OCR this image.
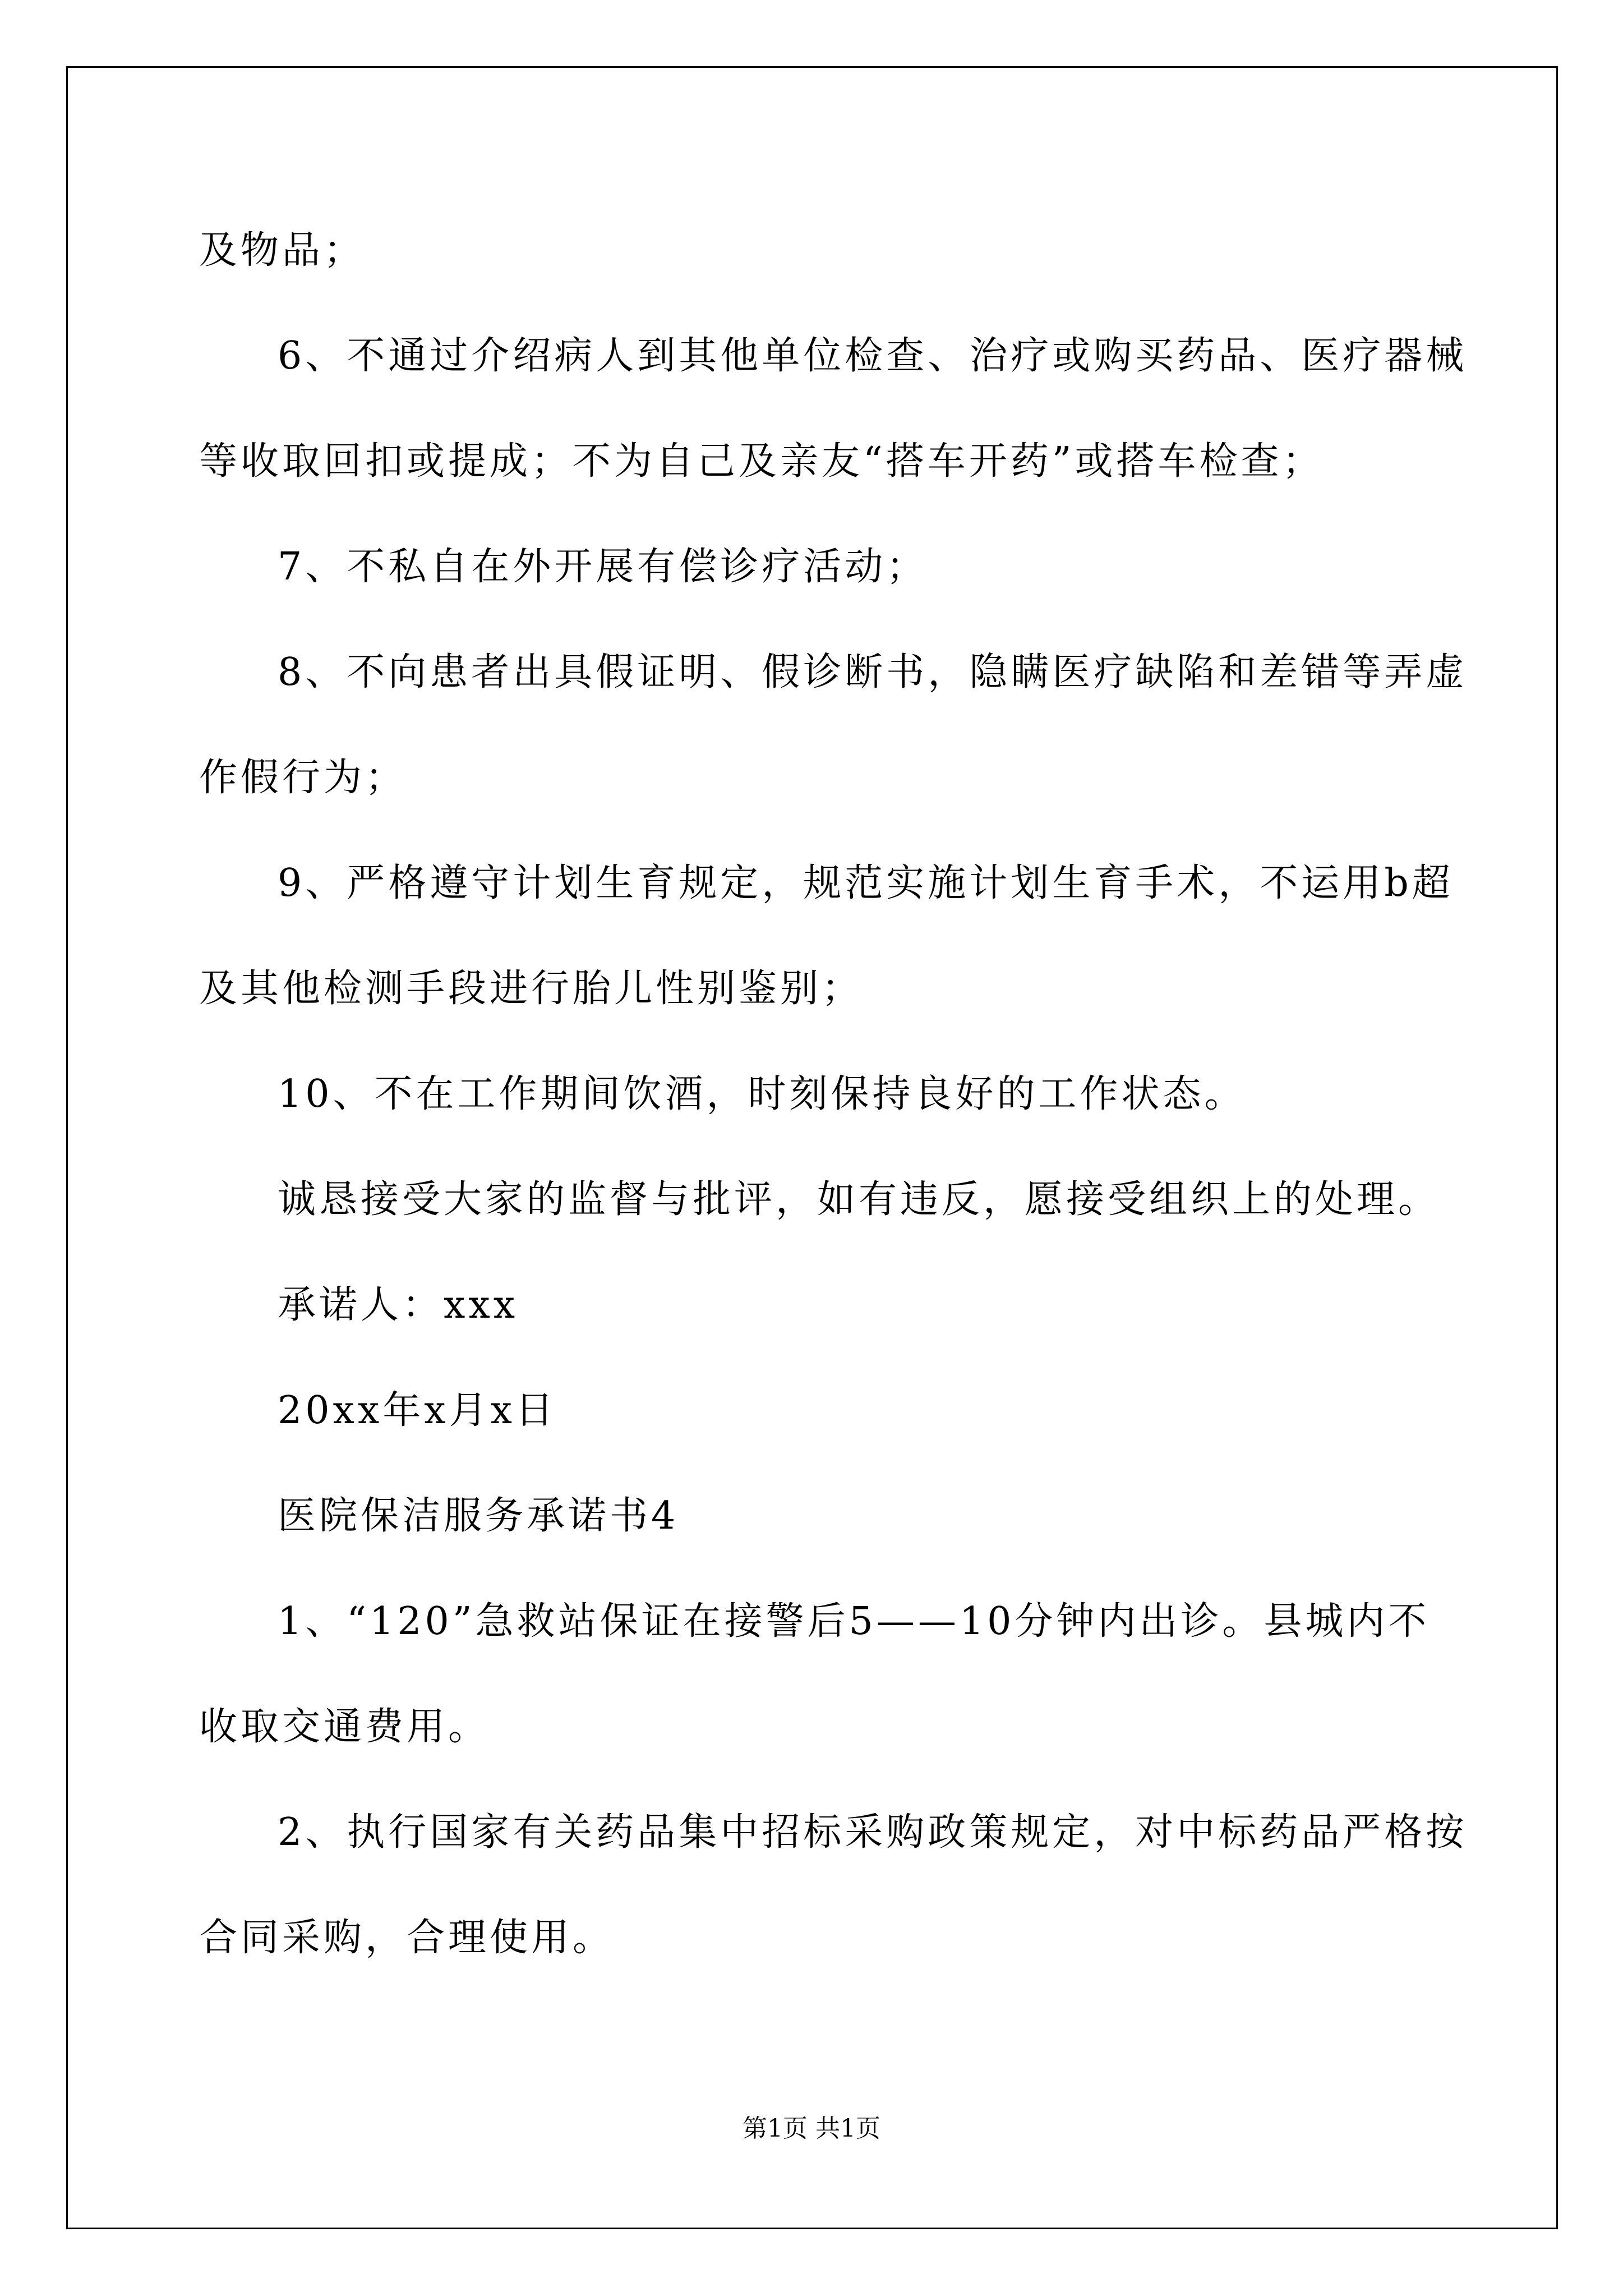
及物品；
6、不通过介绍病人到其他单位检查、治疗或购买药品、医疗器械
等收取回扣或提成；不为自己及亲友“搭车开药”或搭车检查；
7、不私自在外开展有偿诊疗活动；
8、不向患者出具假证明、假诊断书，隐瞒医疗缺陷和差错等弄虚
作假行为；
9、严格遵守计划生育规定，规范实施计划生育手术，不运用b超
及其他检测手段进行胎儿性别鉴别；
10、不在工作期间饮酒，时刻保持良好的工作状态。
诚恳接受大家的监督与批评，如有违反，愿接受组织上的处理。
承诺人：xxx
20xx年x月x日
医院保洁服务承诺书4
1、“120”急救站保证在接警后5——10分钟内出诊。县城内不
收取交通费用。
2、执行国家有关药品集中招标采购政策规定，对中标药品严格按
合同采购，合理使用。
第1页 共1页
